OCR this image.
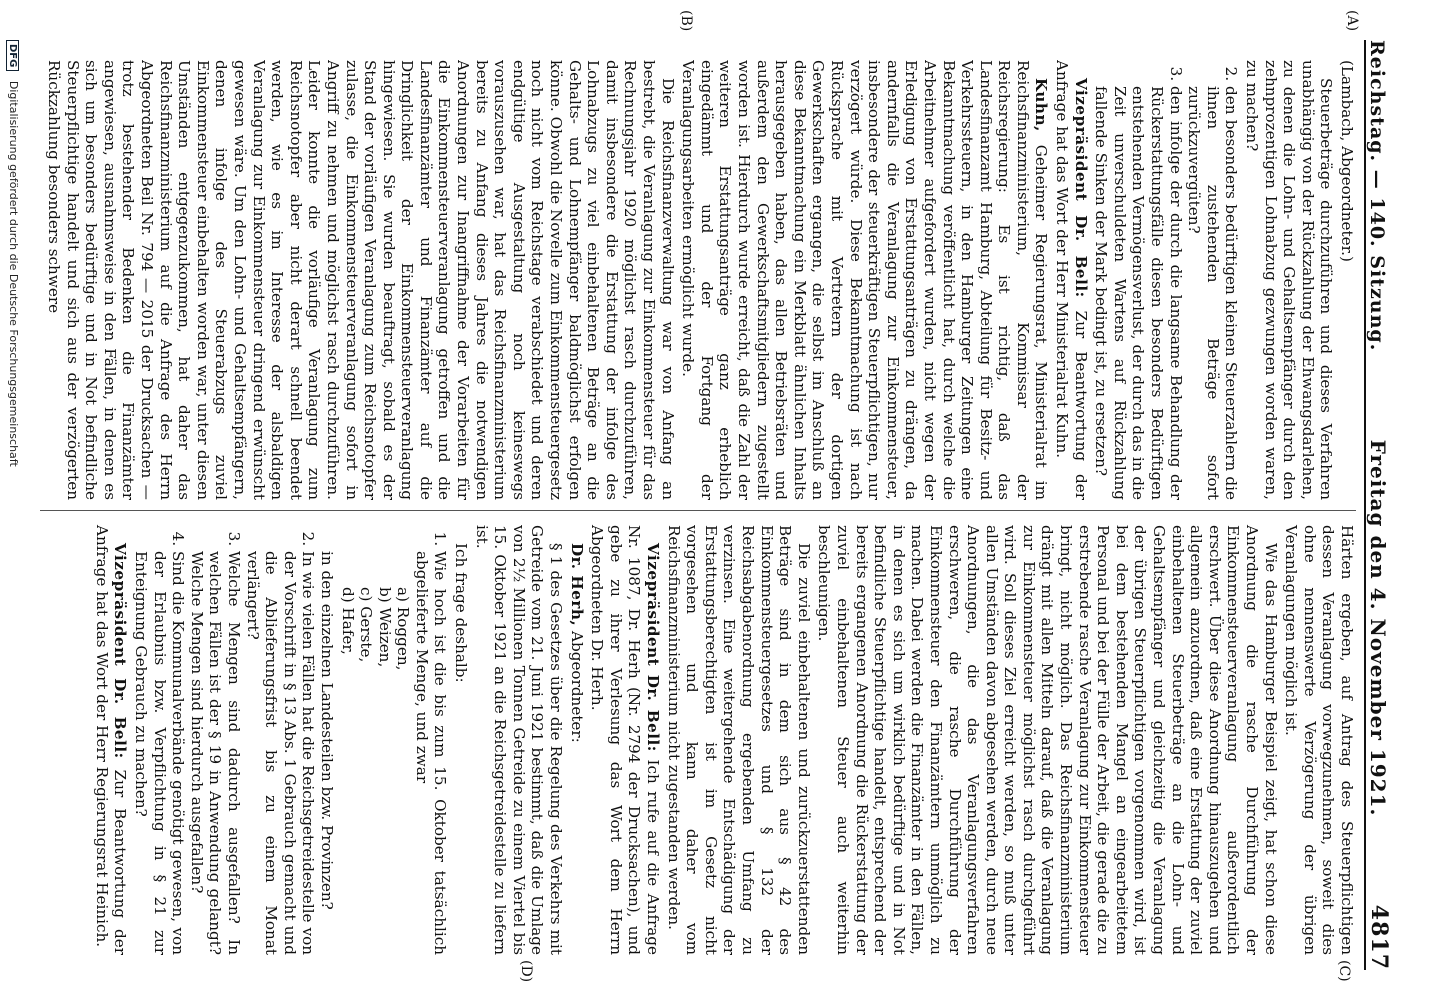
Reichstag. — 140. Sitzung.
Freitag den 4. November 1921.
4817
(A)
(B)
(C)
(D)

(Lambach, Abgeordneter.)

Steuerbeträge durchzuführen und dieses Verfahren unabhängig von der Rückzahlung der Ehwangsdarlehen, zu denen die Lohn- und Gehaltsempfänger durch den zehnprozentigen Lohnabzug gezwungen worden waren, zu machen?

2. den besonders bedürftigen kleinen Steuerzahlern die ihnen zustehenden Beträge sofort zurückzuvergüten?
3. den infolge der durch die langsame Behandlung der Rückerstattungsfälle diesen besonders Bedürftigen entstehenden Vermögensverlust, der durch das in die Zeit unverschuldeten Wartens auf Rückzahlung fallende Sinken der Mark bedingt ist, zu ersetzen?

Vizepräsident Dr. Bell: Zur Beantwortung der Anfrage hat das Wort der Herr Ministerialrat Kuhn.

Kuhn, Geheimer Regierungsrat, Ministerialrat im Reichsfinanzministerium, Kommissar der Reichsregierung: Es ist richtig, daß das Landesfinanzamt Hamburg, Abteilung für Besitz- und Verkehrssteuern, in den Hamburger Zeitungen eine Bekanntmachung veröffentlicht hat, durch welche die Arbeitnehmer aufgefordert wurden, nicht wegen der Erledigung von Erstattungsanträgen zu drängen, da andernfalls die Veranlagung zur Einkommensteuer, insbesondere der steuerkräftigen Steuerpflichtigen, nur verzögert würde. Diese Bekanntmachung ist nach Rücksprache mit Vertretern der dortigen Gewerkschaften ergangen, die selbst im Anschluß an diese Bekanntmachung ein Merkblatt ähnlichen Inhalts herausgegeben haben, das allen Betriebsräten und außerdem den Gewerkschaftsmitgliedern zugestellt worden ist. Hierdurch wurde erreicht, daß die Zahl der weiteren Erstattungsanträge ganz erheblich eingedämmt und der Fortgang der Veranlagungsarbeiten ermöglicht wurde.

Die Reichsfinanzverwaltung war von Anfang an bestrebt, die Veranlagung zur Einkommensteuer für das Rechnungsjahr 1920 möglichst rasch durchzuführen, damit insbesondere die Erstattung der infolge des Lohnabzugs zu viel einbehaltenen Beträge an die Gehalts- und Lohnempfänger baldmöglichst erfolgen könne. Obwohl die Novelle zum Einkommensteuergesetz noch nicht vom Reichstage verabschiedet und deren endgültige Ausgestaltung noch keineswegs vorauszusehen war, hat das Reichsfinanzministerium bereits zu Anfang dieses Jahres die notwendigen Anordnungen zur Inangriffnahme der Vorarbeiten für die Einkommensteuerveranlagung getroffen und die Landesfinanzämter und Finanzämter auf die Dringlichkeit der Einkommensteuerveranlagung hingewiesen. Sie wurden beauftragt, sobald es der Stand der vorläufigen Veranlagung zum Reichsnotopfer zulasse, die Einkommensteuerveranlagung sofort in Angriff zu nehmen und möglichst rasch durchzuführen. Leider konnte die vorläufige Veranlagung zum Reichsnotopfer aber nicht derart schnell beendet werden, wie es im Interesse der alsbaldigen Veranlagung zur Einkommensteuer dringend erwünscht gewesen wäre. Um den Lohn- und Gehaltsempfängern, denen infolge des Steuerabzugs zuviel Einkommensteuer einbehalten worden war, unter diesen Umständen entgegenzukommen, hat daher das Reichsfinanzministerium auf die Anfrage des Herrn Abgeordneten Beil Nr. 794 — 2015 der Drucksachen — trotz bestehender Bedenken die Finanzämter angewiesen, ausnahmsweise in den Fällen, in denen es sich um besonders bedürftige und in Not befindliche Steuerpflichtige handelt und sich aus der verzögerten Rückzahlung besonders schwere

Härten ergeben, auf Antrag des Steuerpflichtigen dessen Veranlagung vorwegzunehmen, soweit dies ohne nennenswerte Verzögerung der übrigen Veranlagungen möglich ist.

Wie das Hamburger Beispiel zeigt, hat schon diese Anordnung die rasche Durchführung der Einkommensteuerveranlagung außerordentlich erschwert. Über diese Anordnung hinauszugehen und allgemein anzuordnen, daß eine Erstattung der zuviel einbehaltenen Steuerbeträge an die Lohn- und Gehaltsempfänger und gleichzeitig die Veranlagung der übrigen Steuerpflichtigen vorgenommen wird, ist bei dem bestehenden Mangel an eingearbeitetem Personal und bei der Fülle der Arbeit, die gerade die zu erstrebende rasche Veranlagung zur Einkommensteuer bringt, nicht möglich. Das Reichsfinanzministerium drängt mit allen Mitteln darauf, daß die Veranlagung zur Einkommensteuer möglichst rasch durchgeführt wird. Soll dieses Ziel erreicht werden, so muß unter allen Umständen davon abgesehen werden, durch neue Anordnungen, die das Veranlagungsverfahren erschweren, die rasche Durchführung der Einkommensteuer den Finanzämtern unmöglich zu machen. Dabei werden die Finanzämter in den Fällen, in denen es sich um wirklich bedürftige und in Not befindliche Steuerpflichtige handelt, entsprechend der bereits ergangenen Anordnung die Rückerstattung der zuviel einbehaltenen Steuer auch weiterhin beschleunigen.

Die zuviel einbehaltenen und zurückzuerstattenden Beträge sind in dem sich aus § 42 des Einkommensteuergesetzes und § 132 der Reichsabgabenordnung ergebenden Umfang zu verzinsen. Eine weitergehende Entschädigung der Erstattungsberechtigten ist im Gesetz nicht vorgesehen und kann daher vom Reichsfinanzministerium nicht zugestanden werden.

Vizepräsident Dr. Bell: Ich rufe auf die Anfrage Nr. 1087, Dr. Herh (Nr. 2794 der Drucksachen), und gebe zu ihrer Verlesung das Wort dem Herrn Abgeordneten Dr. Herh.

Dr. Herh, Abgeordneter:

§ 1 des Gesetzes über die Regelung des Verkehrs mit Getreide vom 21. Juni 1921 bestimmt, daß die Umlage von 2½ Millionen Tonnen Getreide zu einem Viertel bis 15. Oktober 1921 an die Reichsgetreidestelle zu liefern ist.

Ich frage deshalb:

1. Wie hoch ist die bis zum 15. Oktober tatsächlich abgelieferte Menge, und zwar
a) Roggen,
b) Weizen,
c) Gerste,
d) Hafer,
in den einzelnen Landesteilen bzw. Provinzen?
2. In wie vielen Fällen hat die Reichsgetreidestelle von der Vorschrift in § 13 Abs. 1 Gebrauch gemacht und die Ablieferungsfrist bis zu einem Monat verlängert?
3. Welche Mengen sind dadurch ausgefallen? In welchen Fällen ist der § 19 in Anwendung gelangt? Welche Mengen sind hierdurch ausgefallen?
4. Sind die Kommunalverbände genötigt gewesen, von der Erlaubnis bzw. Verpflichtung in § 21 zur Enteignung Gebrauch zu machen?

Vizepräsident Dr. Bell: Zur Beantwortung der Anfrage hat das Wort der Herr Regierungsrat Heinich.

DFG Digitalisierung gefördert durch die Deutsche Forschungsgemeinschaft
